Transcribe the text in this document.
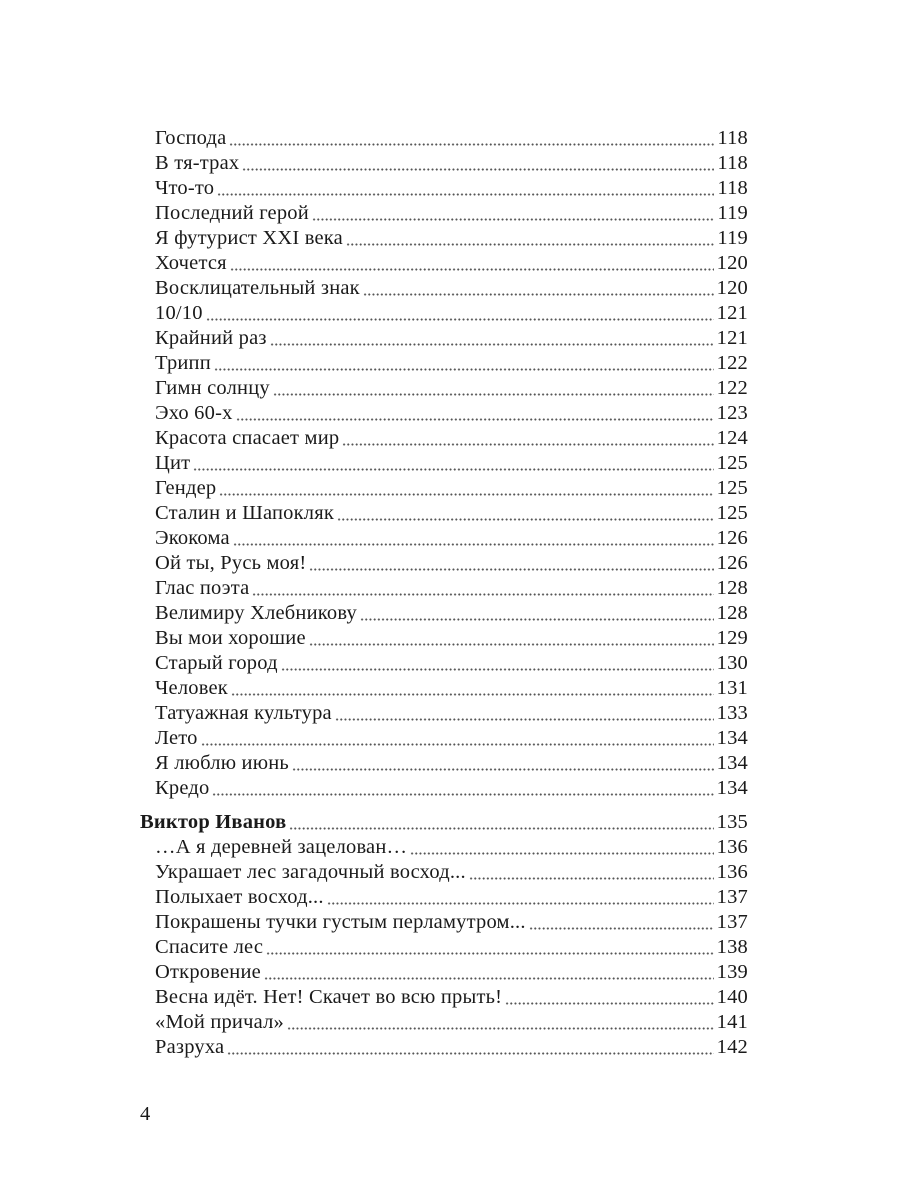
Господа	118
В тя-трах	118
Что-то	118
Последний герой	119
Я футурист XXI века	119
Хочется	120
Восклицательный знак	120
10/10	121
Крайний раз	121
Трипп	122
Гимн солнцу	122
Эхо 60-х	123
Красота спасает мир	124
Цит	125
Гендер	125
Сталин и Шапокляк	125
Экокома	126
Ой ты, Русь моя!	126
Глас поэта	128
Велимиру Хлебникову	128
Вы мои хорошие	129
Старый город	130
Человек	131
Татуажная культура	133
Лето	134
Я люблю июнь	134
Кредо	134
Виктор Иванов	135
…А я деревней зацелован…	136
Украшает лес загадочный восход...	136
Полыхает восход...	137
Покрашены тучки густым перламутром...	137
Спасите лес	138
Откровение	139
Весна идёт. Нет! Скачет во всю прыть!	140
«Мой причал»	141
Разруха	142
4
